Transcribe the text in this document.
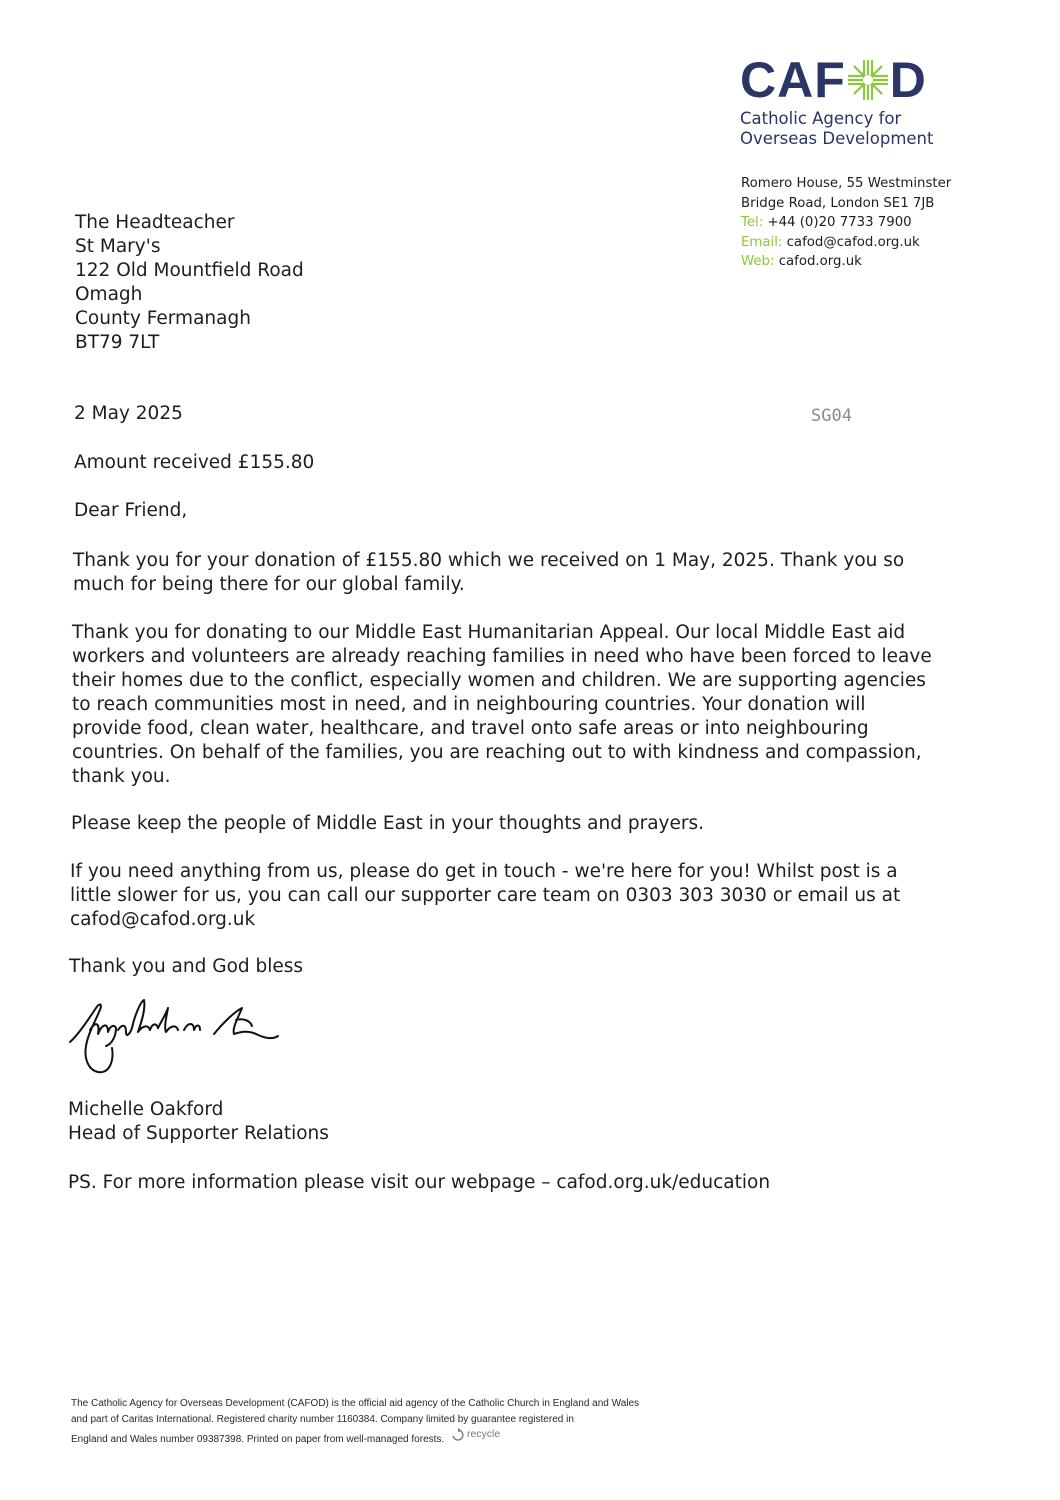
CAF D
Catholic Agency for
Overseas Development
Romero House, 55 Westminster
Bridge Road, London SE1 7JB
Tel: +44 (0)20 7733 7900
Email: cafod@cafod.org.uk
Web: cafod.org.uk
The Headteacher
St Mary's
122 Old Mountfield Road
Omagh
County Fermanagh
BT79 7LT
2 May 2025	SG04
Amount received £155.80
Dear Friend,
Thank you for your donation of £155.80 which we received on 1 May, 2025. Thank you so
much for being there for our global family.
Thank you for donating to our Middle East Humanitarian Appeal. Our local Middle East aid
workers and volunteers are already reaching families in need who have been forced to leave
their homes due to the conflict, especially women and children. We are supporting agencies
to reach communities most in need, and in neighbouring countries. Your donation will
provide food, clean water, healthcare, and travel onto safe areas or into neighbouring
countries. On behalf of the families, you are reaching out to with kindness and compassion,
thank you.
Please keep the people of Middle East in your thoughts and prayers.
If you need anything from us, please do get in touch - we're here for you! Whilst post is a
little slower for us, you can call our supporter care team on 0303 303 3030 or email us at
cafod@cafod.org.uk
Thank you and God bless
Michelle Oakford
Head of Supporter Relations
PS. For more information please visit our webpage – cafod.org.uk/education
The Catholic Agency for Overseas Development (CAFOD) is the official aid agency of the Catholic Church in England and Wales
and part of Caritas International. Registered charity number 1160384. Company limited by guarantee registered in
England and Wales number 09387398. Printed on paper from well-managed forests. recycle
